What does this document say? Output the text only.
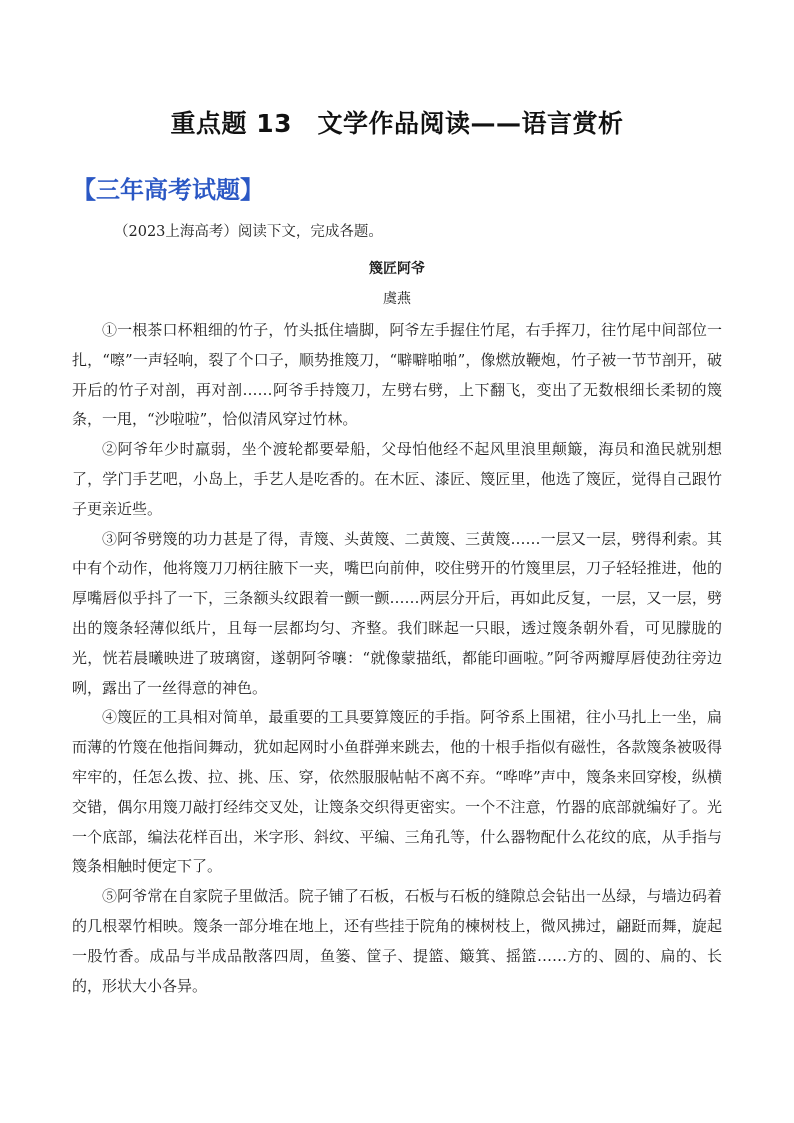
重点题 13　文学作品阅读——语言赏析
【三年高考试题】

（2023上海高考）阅读下文，完成各题。

篾匠阿爷

虞燕

①一根茶口杯粗细的竹子，竹头抵住墙脚，阿爷左手握住竹尾，右手挥刀，往竹尾中间部位一扎，“嚓”一声轻响，裂了个口子，顺势推篾刀，“噼噼啪啪”，像燃放鞭炮，竹子被一节节剖开，破开后的竹子对剖，再对剖……阿爷手持篾刀，左劈右劈，上下翻飞，变出了无数根细长柔韧的篾条，一甩，“沙啦啦”，恰似清风穿过竹林。

②阿爷年少时羸弱，坐个渡轮都要晕船，父母怕他经不起风里浪里颠簸，海员和渔民就别想了，学门手艺吧，小岛上，手艺人是吃香的。在木匠、漆匠、篾匠里，他选了篾匠，觉得自己跟竹子更亲近些。

③阿爷劈篾的功力甚是了得，青篾、头黄篾、二黄篾、三黄篾……一层又一层，劈得利索。其中有个动作，他将篾刀刀柄往腋下一夹，嘴巴向前伸，咬住劈开的竹篾里层，刀子轻轻推进，他的厚嘴唇似乎抖了一下，三条额头纹跟着一颤一颤……两层分开后，再如此反复，一层，又一层，劈出的篾条轻薄似纸片，且每一层都均匀、齐整。我们眯起一只眼，透过篾条朝外看，可见朦胧的光，恍若晨曦映进了玻璃窗，遂朝阿爷嚷：“就像蒙描纸，都能印画啦。”阿爷两瓣厚唇使劲往旁边咧，露出了一丝得意的神色。

④篾匠的工具相对简单，最重要的工具要算篾匠的手指。阿爷系上围裙，往小马扎上一坐，扁而薄的竹篾在他指间舞动，犹如起网时小鱼群弹来跳去，他的十根手指似有磁性，各款篾条被吸得牢牢的，任怎么拨、拉、挑、压、穿，依然服服帖帖不离不弃。“哗哗”声中，篾条来回穿梭，纵横交错，偶尔用篾刀敲打经纬交叉处，让篾条交织得更密实。一个不注意，竹器的底部就编好了。光一个底部，编法花样百出，米字形、斜纹、平编、三角孔等，什么器物配什么花纹的底，从手指与篾条相触时便定下了。

⑤阿爷常在自家院子里做活。院子铺了石板，石板与石板的缝隙总会钻出一丛绿，与墙边码着的几根翠竹相映。篾条一部分堆在地上，还有些挂于院角的楝树枝上，微风拂过，翩跹而舞，旋起一股竹香。成品与半成品散落四周，鱼篓、筐子、提篮、簸箕、摇篮……方的、圆的、扁的、长的，形状大小各异。
